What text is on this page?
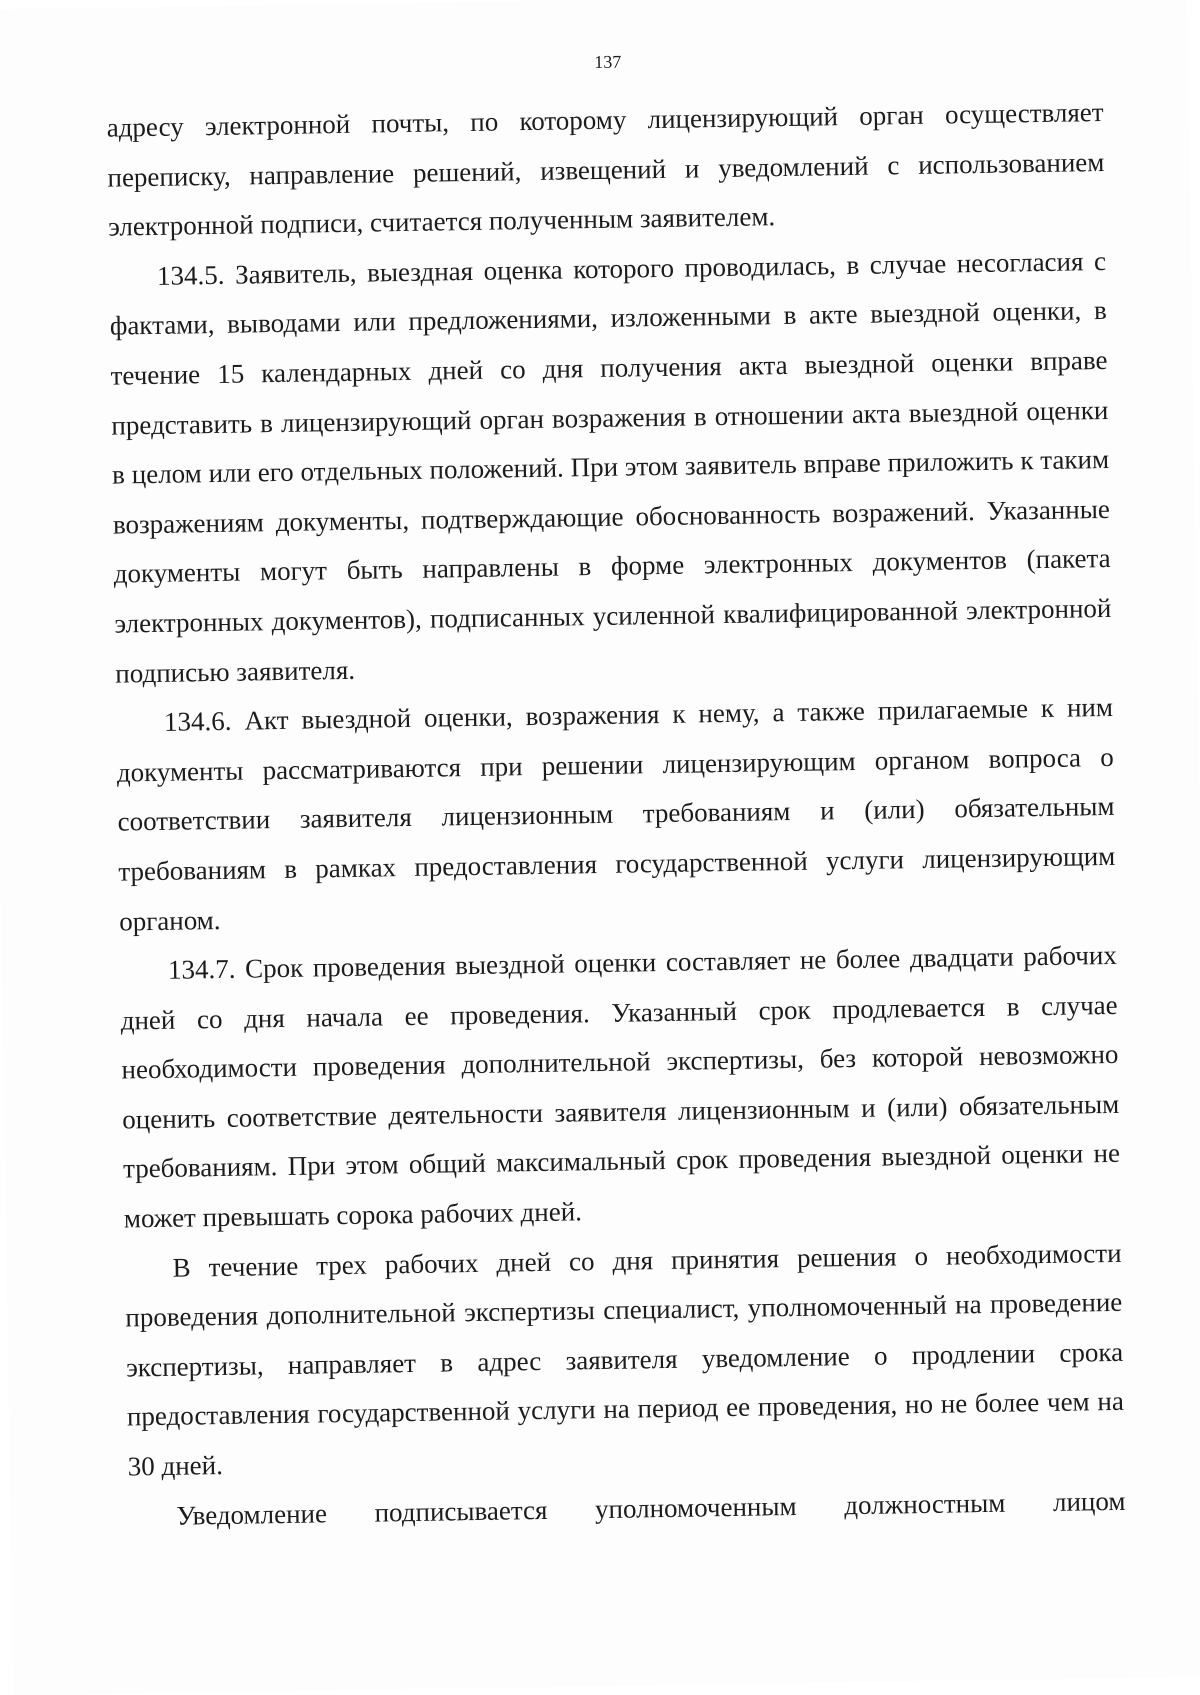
137

адресу электронной почты, по которому лицензирующий орган осуществляет переписку, направление решений, извещений и уведомлений с использованием электронной подписи, считается полученным заявителем.

134.5. Заявитель, выездная оценка которого проводилась, в случае несогласия с фактами, выводами или предложениями, изложенными в акте выездной оценки, в течение 15 календарных дней со дня получения акта выездной оценки вправе представить в лицензирующий орган возражения в отношении акта выездной оценки в целом или его отдельных положений. При этом заявитель вправе приложить к таким возражениям документы, подтверждающие обоснованность возражений. Указанные документы могут быть направлены в форме электронных документов (пакета электронных документов), подписанных усиленной квалифицированной электронной подписью заявителя.

134.6. Акт выездной оценки, возражения к нему, а также прилагаемые к ним документы рассматриваются при решении лицензирующим органом вопроса о соответствии заявителя лицензионным требованиям и (или) обязательным требованиям в рамках предоставления государственной услуги лицензирующим органом.

134.7. Срок проведения выездной оценки составляет не более двадцати рабочих дней со дня начала ее проведения. Указанный срок продлевается в случае необходимости проведения дополнительной экспертизы, без которой невозможно оценить соответствие деятельности заявителя лицензионным и (или) обязательным требованиям. При этом общий максимальный срок проведения выездной оценки не может превышать сорока рабочих дней.

В течение трех рабочих дней со дня принятия решения о необходимости проведения дополнительной экспертизы специалист, уполномоченный на проведение экспертизы, направляет в адрес заявителя уведомление о продлении срока предоставления государственной услуги на период ее проведения, но не более чем на 30 дней.

Уведомление подписывается уполномоченным должностным лицом
